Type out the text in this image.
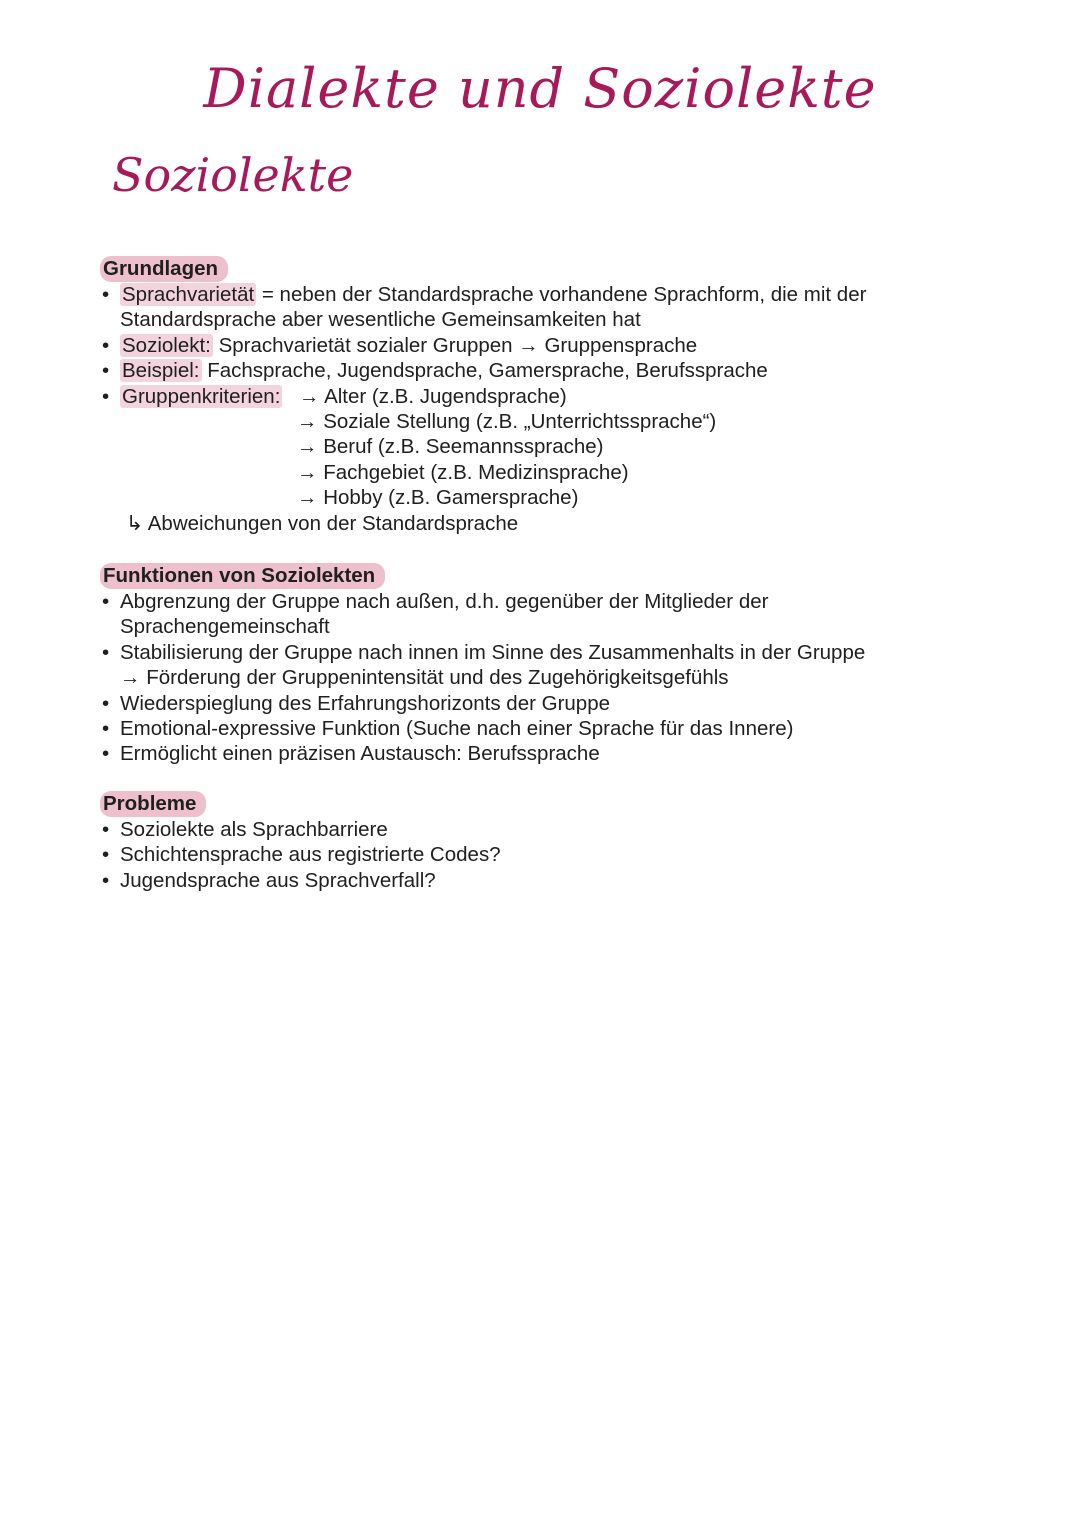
Dialekte und Soziolekte
Soziolekte
Grundlagen
• Sprachvarietät = neben der Standardsprache vorhandene Sprachform, die mit der
Standardsprache aber wesentliche Gemeinsamkeiten hat
• Soziolekt: Sprachvarietät sozialer Gruppen → Gruppensprache
• Beispiel: Fachsprache, Jugendsprache, Gamersprache, Berufssprache
• Gruppenkriterien: → Alter (z.B. Jugendsprache)
→ Soziale Stellung (z.B. „Unterrichtssprache“)
→ Beruf (z.B. Seemannssprache)
→ Fachgebiet (z.B. Medizinsprache)
→ Hobby (z.B. Gamersprache)
↳ Abweichungen von der Standardsprache
Funktionen von Soziolekten
• Abgrenzung der Gruppe nach außen, d.h. gegenüber der Mitglieder der
Sprachengemeinschaft
• Stabilisierung der Gruppe nach innen im Sinne des Zusammenhalts in der Gruppe
→ Förderung der Gruppenintensität und des Zugehörigkeitsgefühls
• Wiederspieglung des Erfahrungshorizonts der Gruppe
• Emotional-expressive Funktion (Suche nach einer Sprache für das Innere)
• Ermöglicht einen präzisen Austausch: Berufssprache
Probleme
• Soziolekte als Sprachbarriere
• Schichtensprache aus registrierte Codes?
• Jugendsprache aus Sprachverfall?
